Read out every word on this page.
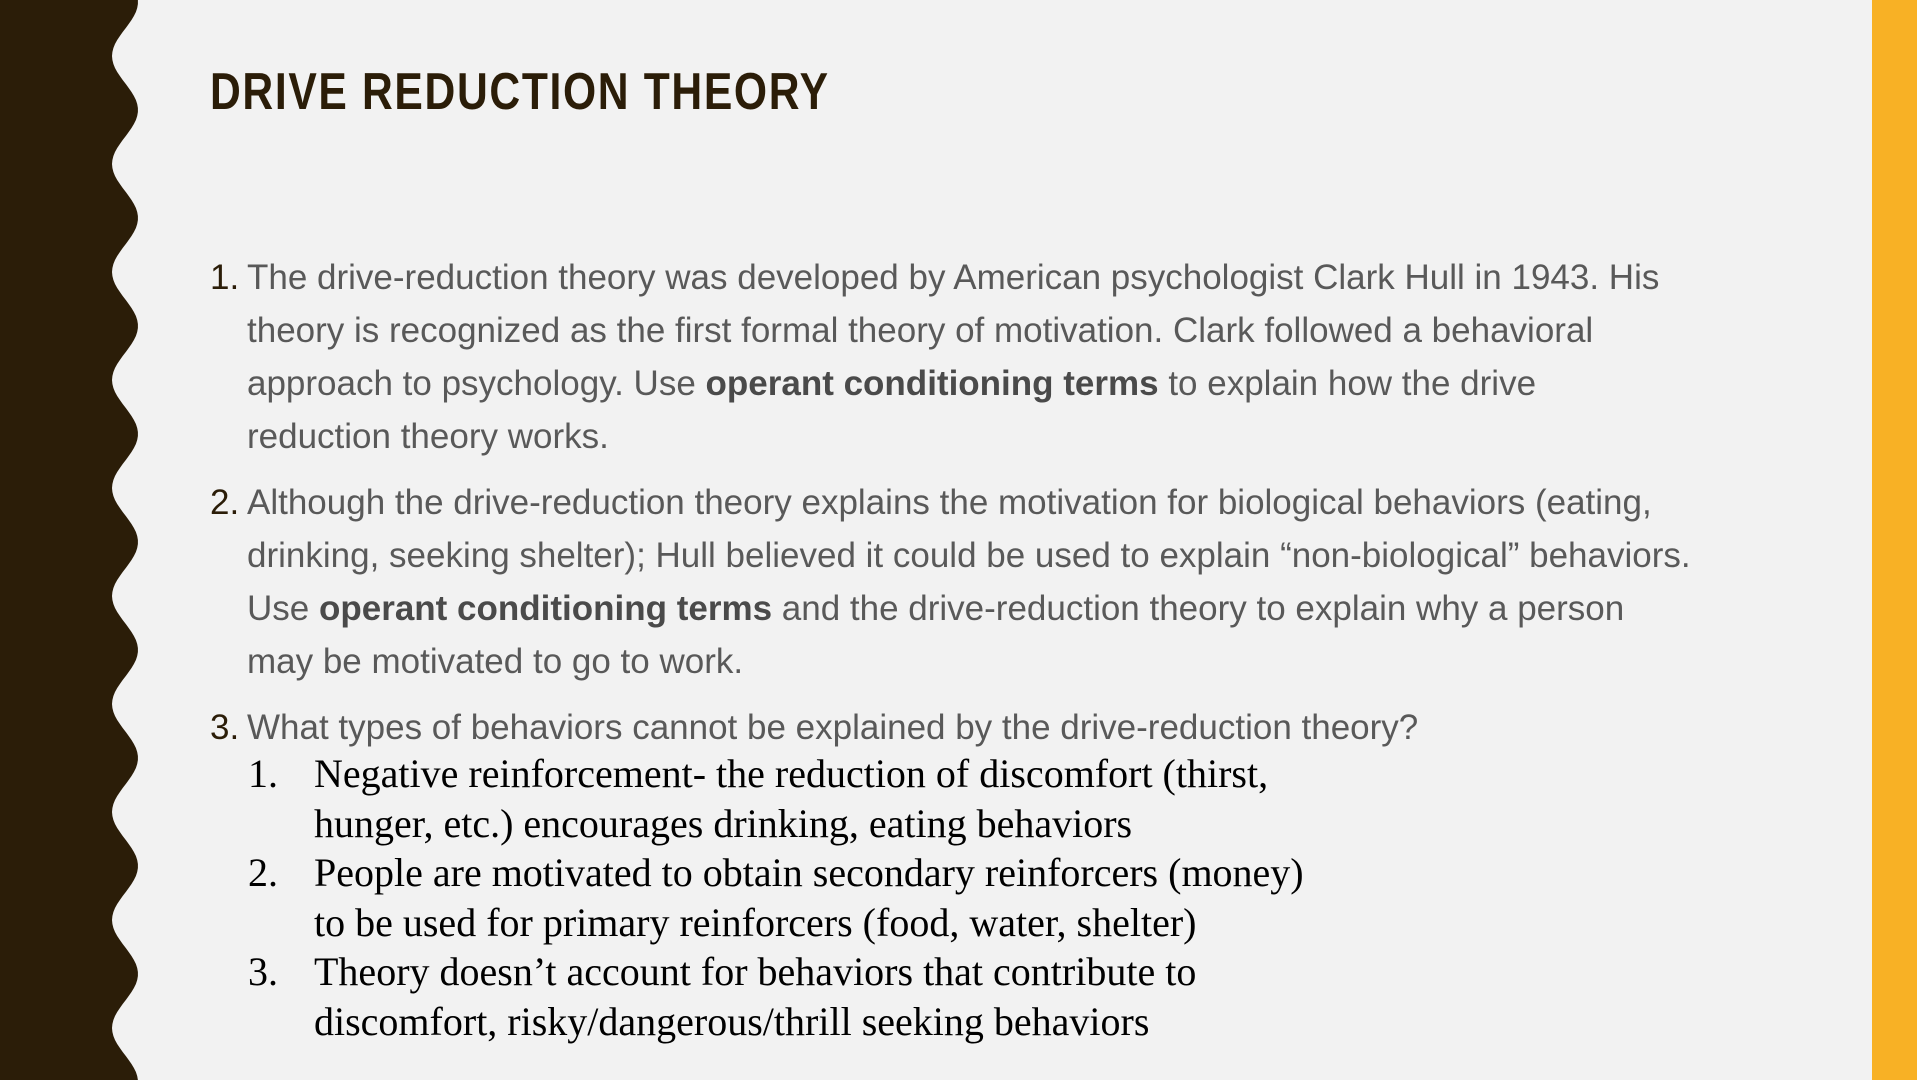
DRIVE REDUCTION THEORY
1. The drive-reduction theory was developed by American psychologist Clark Hull in 1943. His
theory is recognized as the first formal theory of motivation. Clark followed a behavioral
approach to psychology. Use operant conditioning terms to explain how the drive
reduction theory works.
2. Although the drive-reduction theory explains the motivation for biological behaviors (eating,
drinking, seeking shelter); Hull believed it could be used to explain “non-biological” behaviors.
Use operant conditioning terms and the drive-reduction theory to explain why a person
may be motivated to go to work.
3. What types of behaviors cannot be explained by the drive-reduction theory?
1. Negative reinforcement- the reduction of discomfort (thirst,
hunger, etc.) encourages drinking, eating behaviors
2. People are motivated to obtain secondary reinforcers (money)
to be used for primary reinforcers (food, water, shelter)
3. Theory doesn’t account for behaviors that contribute to
discomfort, risky/dangerous/thrill seeking behaviors
